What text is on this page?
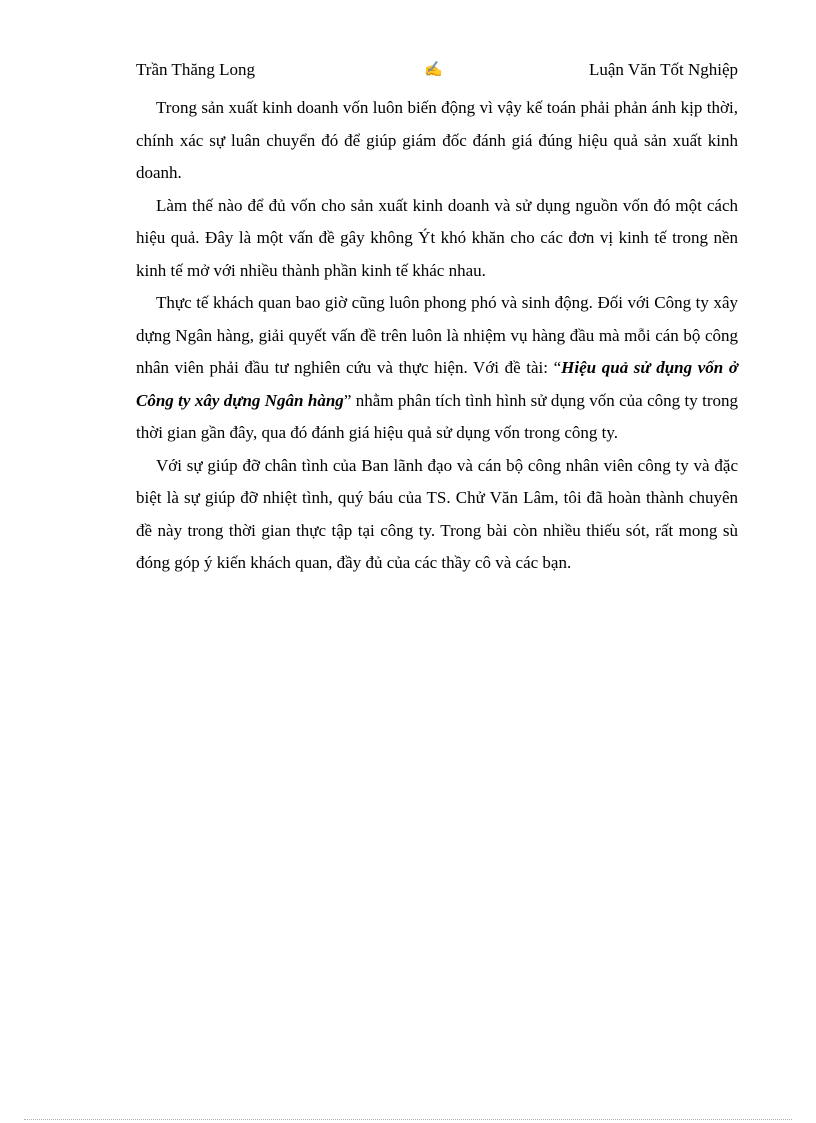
Trần Thăng Long	✍	Luận Văn Tốt Nghiệp

Trong sản xuất kinh doanh vốn luôn biến động vì vậy kế toán phải phản ánh kịp thời, chính xác sự luân chuyển đó để giúp giám đốc đánh giá đúng hiệu quả sản xuất kinh doanh.

Làm thế nào để đủ vốn cho sản xuất kinh doanh và sử dụng nguồn vốn đó một cách hiệu quả. Đây là một vấn đề gây không Ýt khó khăn cho các đơn vị kinh tế trong nền kinh tế mở với nhiều thành phần kinh tế khác nhau.

Thực tế khách quan bao giờ cũng luôn phong phó và sinh động. Đối với Công ty xây dựng Ngân hàng, giải quyết vấn đề trên luôn là nhiệm vụ hàng đầu mà mỗi cán bộ công nhân viên phải đầu tư nghiên cứu và thực hiện. Với đề tài: “Hiệu quả sử dụng vốn ở Công ty xây dựng Ngân hàng” nhằm phân tích tình hình sử dụng vốn của công ty trong thời gian gần đây, qua đó đánh giá hiệu quả sử dụng vốn trong công ty.

Với sự giúp đỡ chân tình của Ban lãnh đạo và cán bộ công nhân viên công ty và đặc biệt là sự giúp đỡ nhiệt tình, quý báu của TS. Chử Văn Lâm, tôi đã hoàn thành chuyên đề này trong thời gian thực tập tại công ty. Trong bài còn nhiều thiếu sót, rất mong sù đóng góp ý kiến khách quan, đầy đủ của các thầy cô và các bạn.
